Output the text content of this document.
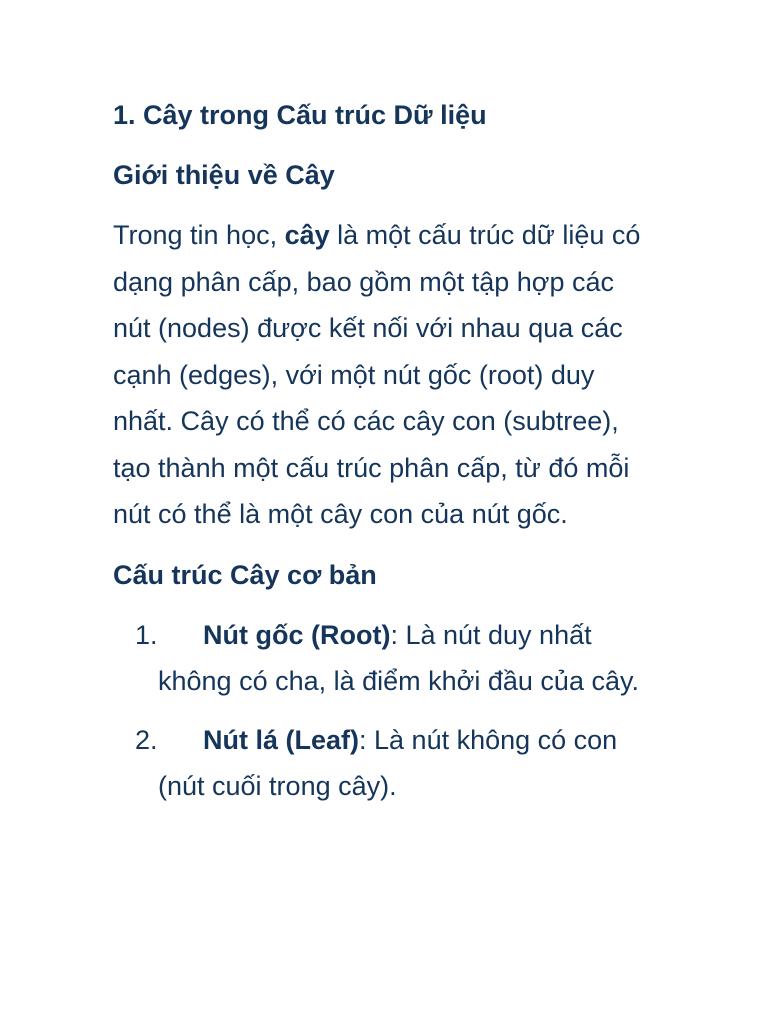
1. Cây trong Cấu trúc Dữ liệu
Giới thiệu về Cây

Trong tin học, cây là một cấu trúc dữ liệu có dạng phân cấp, bao gồm một tập hợp các nút (nodes) được kết nối với nhau qua các cạnh (edges), với một nút gốc (root) duy nhất. Cây có thể có các cây con (subtree), tạo thành một cấu trúc phân cấp, từ đó mỗi nút có thể là một cây con của nút gốc.

Cấu trúc Cây cơ bản
1. Nút gốc (Root): Là nút duy nhất không có cha, là điểm khởi đầu của cây.
2. Nút lá (Leaf): Là nút không có con (nút cuối trong cây).
